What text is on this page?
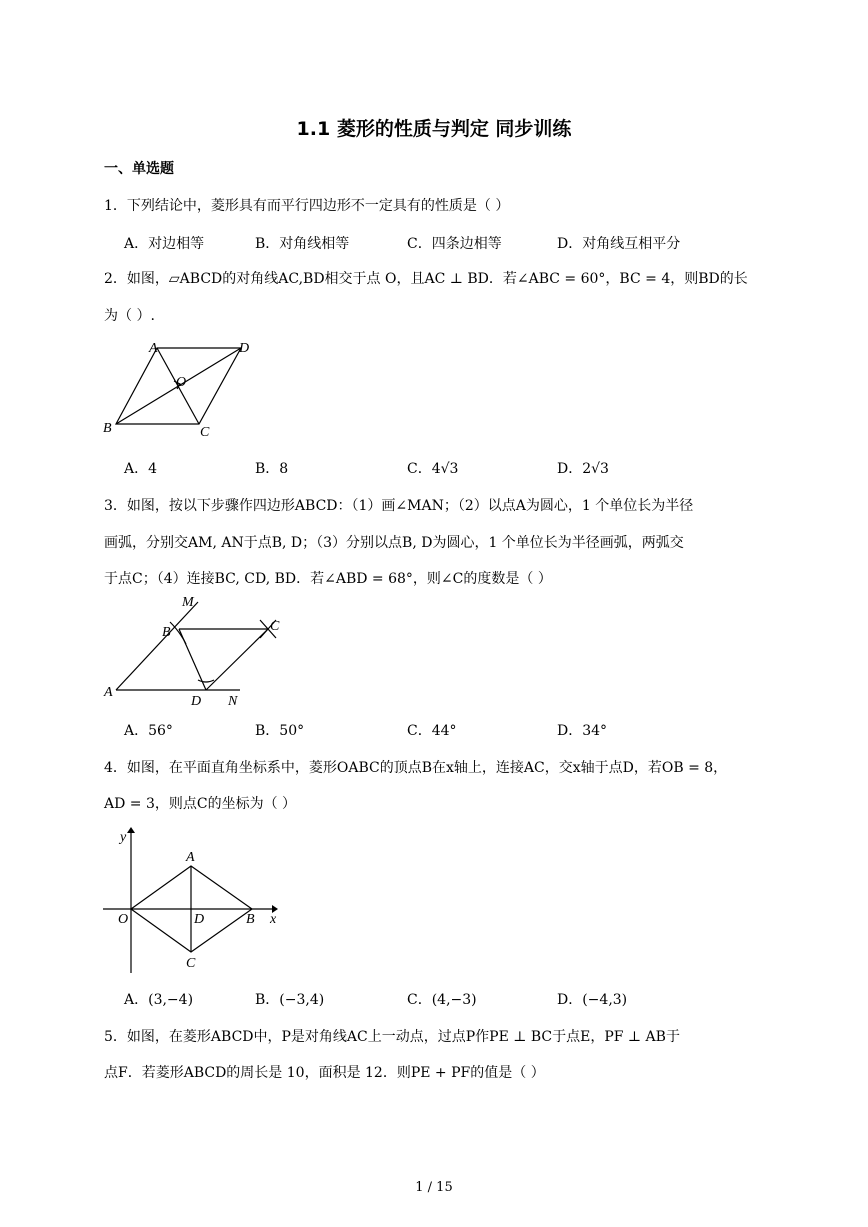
1.1 菱形的性质与判定 同步训练
一、单选题
1．下列结论中，菱形具有而平行四边形不一定具有的性质是（ ）
A．对边相等	B．对角线相等	C．四条边相等	D．对角线互相平分
2．如图，▱ABCD的对角线AC,BD相交于点 O，且AC ⊥ BD．若∠ABC = 60°，BC = 4，则BD的长
为（ ）.
A	D
O
B	C
A．4	B．8	C．4√3	D．2√3
3．如图，按以下步骤作四边形ABCD：（1）画∠MAN；（2）以点A为圆心，1 个单位长为半径
画弧，分别交AM, AN于点B, D；（3）分别以点B, D为圆心，1 个单位长为半径画弧，两弧交
于点C；（4）连接BC, CD, BD．若∠ABD = 68°，则∠C的度数是（ ）
M
B	C
A
D N
A．56°	B．50°	C．44°	D．34°
4．如图，在平面直角坐标系中，菱形OABC的顶点B在x轴上，连接AC，交x轴于点D，若OB = 8，
AD = 3，则点C的坐标为（ ）
y
A
O	D	B x
C
A．(3,−4)	B．(−3,4)	C．(4,−3)	D．(−4,3)
5．如图，在菱形ABCD中，P是对角线AC上一动点，过点P作PE ⊥ BC于点E，PF ⊥ AB于
点F．若菱形ABCD的周长是 10，面积是 12．则PE + PF的值是（ ）
1 / 15
